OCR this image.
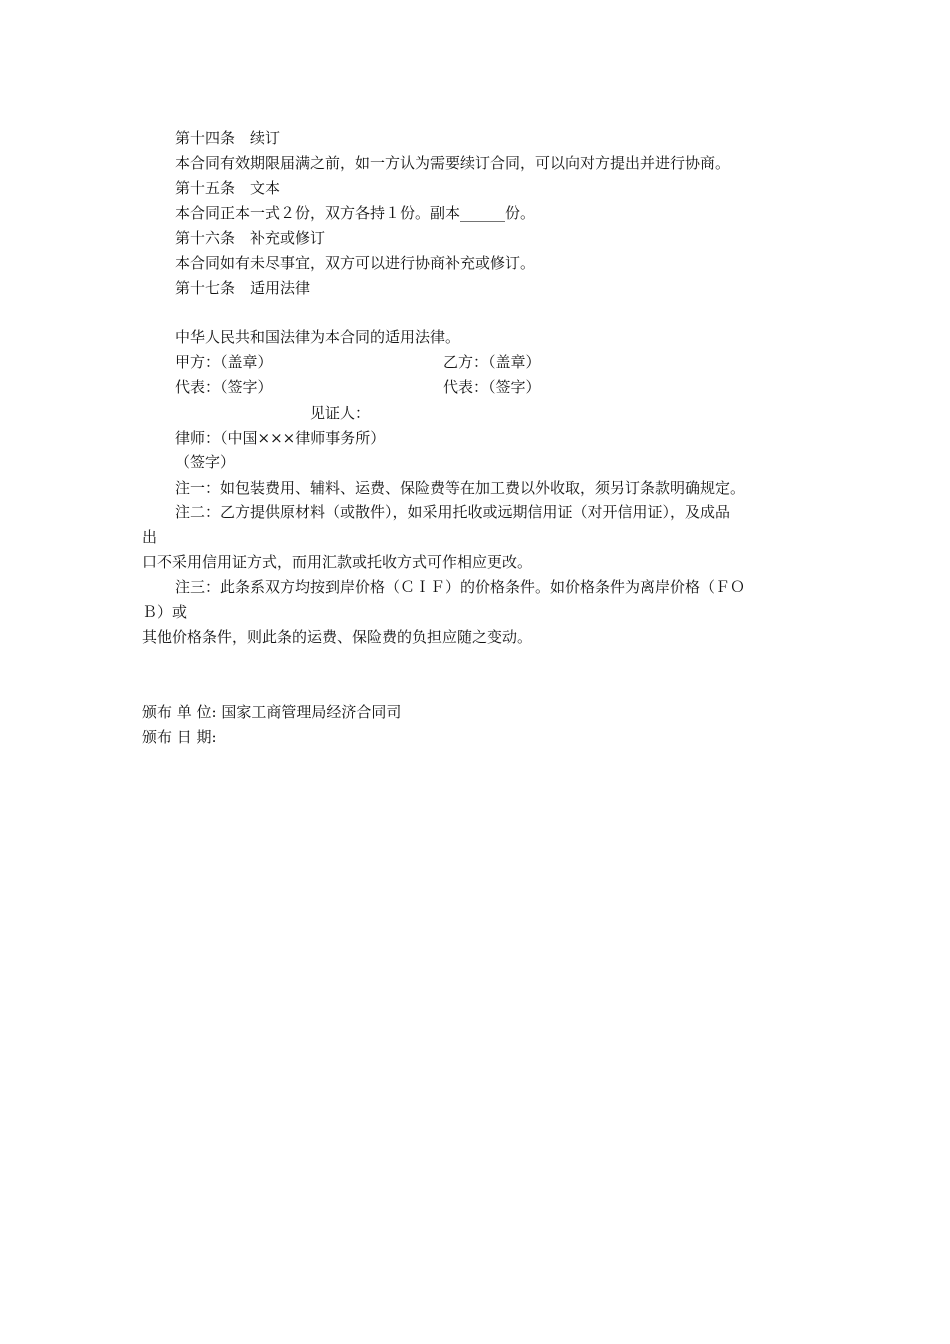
第十四条　续订
本合同有效期限届满之前，如一方认为需要续订合同，可以向对方提出并进行协商。
第十五条　文本
本合同正本一式２份，双方各持１份。副本______份。
第十六条　补充或修订
本合同如有未尽事宜，双方可以进行协商补充或修订。
第十七条　适用法律
中华人民共和国法律为本合同的适用法律。
甲方：（盖章）	乙方：（盖章）
代表：（签字）	代表：（签字）
见证人：
律师：（中国×××律师事务所）
（签字）
注一：如包装费用、辅料、运费、保险费等在加工费以外收取，须另订条款明确规定。
注二：乙方提供原材料（或散件），如采用托收或远期信用证（对开信用证），及成品
出
口不采用信用证方式，而用汇款或托收方式可作相应更改。
注三：此条系双方均按到岸价格（ＣＩＦ）的价格条件。如价格条件为离岸价格（ＦＯ
Ｂ）或
其他价格条件，则此条的运费、保险费的负担应随之变动。
颁布 单 位: 国家工商管理局经济合同司
颁布 日 期:
